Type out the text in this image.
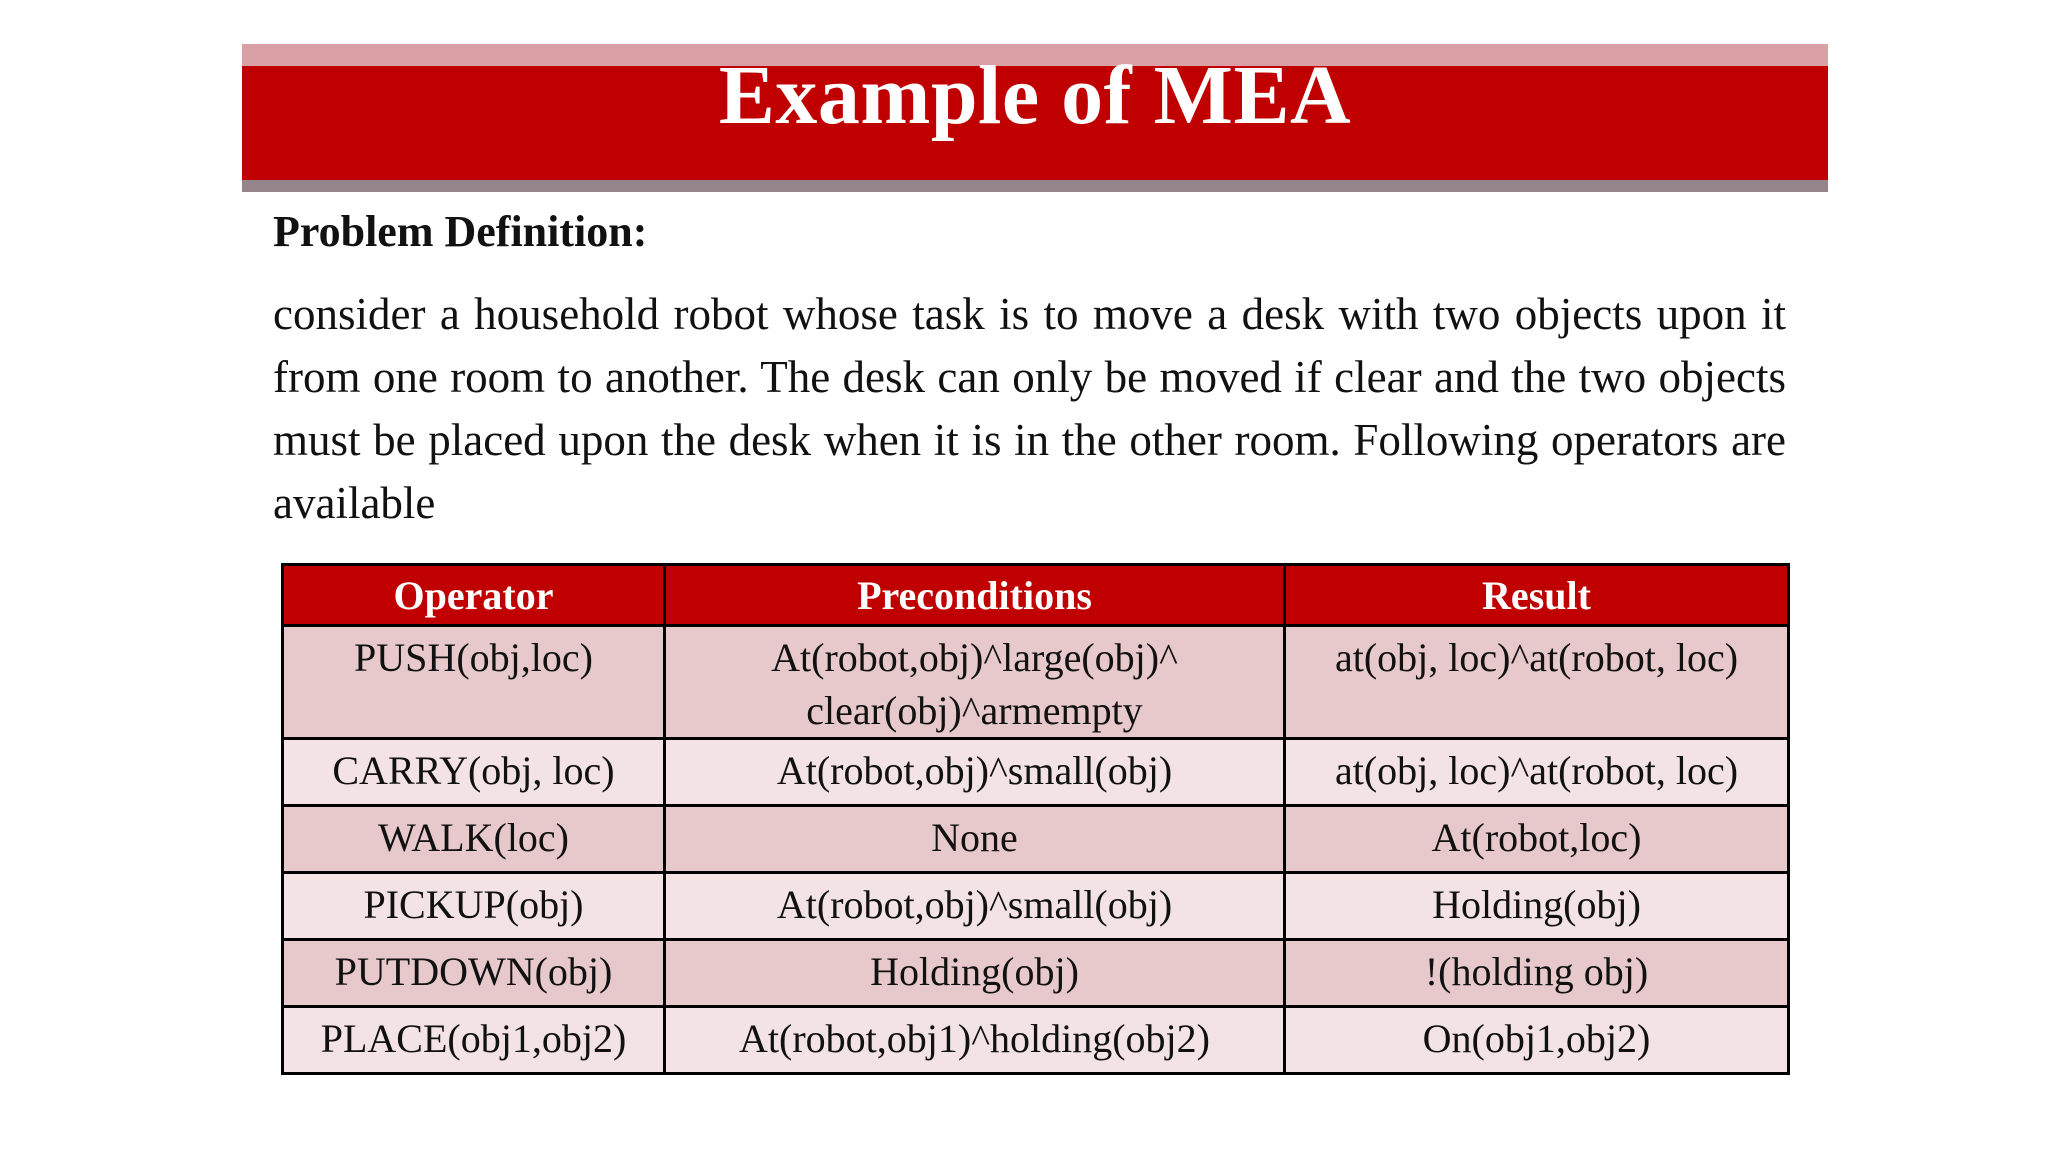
Example of MEA
Problem Definition:

consider a household robot whose task is to move a desk with two objects upon it from one room to another. The desk can only be moved if clear and the two objects must be placed upon the desk when it is in the other room. Following operators are available

Operator	Preconditions	Result
PUSH(obj,loc)	At(robot,obj)^large(obj)^ clear(obj)^armempty	at(obj, loc)^at(robot, loc)
CARRY(obj, loc)	At(robot,obj)^small(obj)	at(obj, loc)^at(robot, loc)
WALK(loc)	None	At(robot,loc)
PICKUP(obj)	At(robot,obj)^small(obj)	Holding(obj)
PUTDOWN(obj)	Holding(obj)	!(holding obj)
PLACE(obj1,obj2)	At(robot,obj1)^holding(obj2)	On(obj1,obj2)
